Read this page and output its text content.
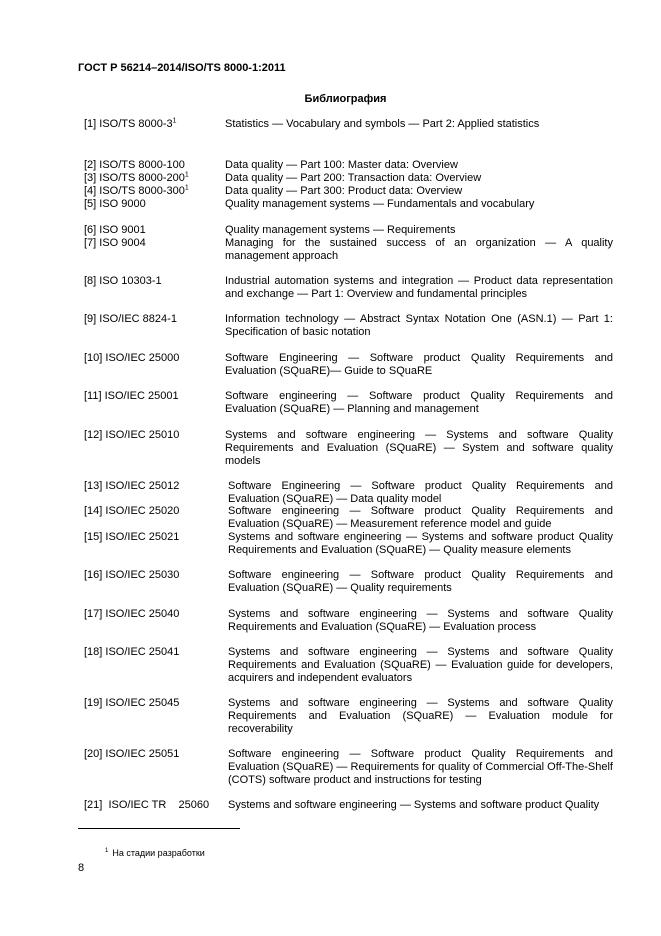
ГОСТ Р 56214–2014/ISO/TS 8000-1:2011
Библиография
[1] ISO/TS $8000-3^1$	Statistics — Vocabulary and symbols — Part 2: Applied statistics
[2] ISO/TS 8000-100	Data quality — Part 100: Master data: Overview
[3] ISO/TS $8000-200^1$	Data quality — Part 200: Transaction data: Overview
[4] ISO/TS $8000-300^1$	Data quality — Part 300: Product data: Overview
[5] ISO 9000	Quality management systems — Fundamentals and vocabulary
[6] ISO 9001	Quality management systems — Requirements
[7] ISO 9004	Managing for the sustained success of an organization — A quality management approach
[8] ISO 10303-1	Industrial automation systems and integration — Product data representation and exchange — Part 1: Overview and fundamental principles
[9] ISO/IEC 8824-1	Information technology — Abstract Syntax Notation One (ASN.1) — Part 1: Specification of basic notation
[10] ISO/IEC 25000	Software Engineering — Software product Quality Requirements and Evaluation (SQuaRE)— Guide to SQuaRE
[11] ISO/IEC 25001	Software engineering — Software product Quality Requirements and Evaluation (SQuaRE) — Planning and management
[12] ISO/IEC 25010	Systems and software engineering — Systems and software Quality Requirements and Evaluation (SQuaRE) — System and software quality models
[13] ISO/IEC 25012	Software Engineering — Software product Quality Requirements and Evaluation (SQuaRE) — Data quality model
[14] ISO/IEC 25020	Software engineering — Software product Quality Requirements and Evaluation (SQuaRE) — Measurement reference model and guide
[15] ISO/IEC 25021	Systems and software engineering — Systems and software product Quality Requirements and Evaluation (SQuaRE) — Quality measure elements
[16] ISO/IEC 25030	Software engineering — Software product Quality Requirements and Evaluation (SQuaRE) — Quality requirements
[17] ISO/IEC 25040	Systems and software engineering — Systems and software Quality Requirements and Evaluation (SQuaRE) — Evaluation process
[18] ISO/IEC 25041	Systems and software engineering — Systems and software Quality Requirements and Evaluation (SQuaRE) — Evaluation guide for developers, acquirers and independent evaluators
[19] ISO/IEC 25045	Systems and software engineering — Systems and software Quality Requirements and Evaluation (SQuaRE) — Evaluation module for recoverability
[20] ISO/IEC 25051	Software engineering — Software product Quality Requirements and Evaluation (SQuaRE) — Requirements for quality of Commercial Off-The-Shelf (COTS) software product and instructions for testing
[21]  ISO/IEC TR    25060 Systems and software engineering — Systems and software product Quality
$^1$ На стадии разработки
8
